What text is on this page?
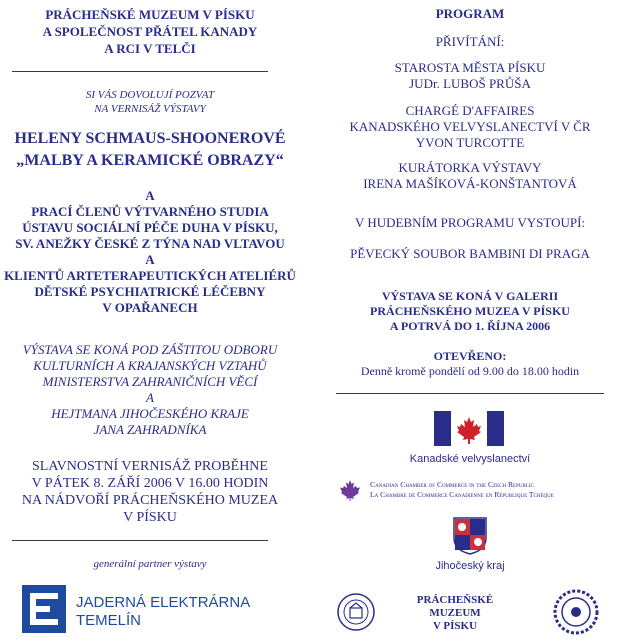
PRÁCHEŇSKÉ MUZEUM V PÍSKU
A SPOLEČNOST PŘÁTEL KANADY
A RCI V TELČI
SI VÁS DOVOLUJÍ POZVAT
NA VERNISÁŽ VÝSTAVY
HELENY SCHMAUS-SHOONEROVÉ
„MALBY A KERAMICKÉ OBRAZY“
A
PRACÍ ČLENŮ VÝTVARNÉHO STUDIA
ÚSTAVU SOCIÁLNÍ PÉČE DUHA V PÍSKU,
SV. ANEŽKY ČESKÉ Z TÝNA NAD VLTAVOU
A
KLIENTŮ ARTETERAPEUTICKÝCH ATELIÉRŮ
DĚTSKÉ PSYCHIATRICKÉ LÉČEBNY
V OPAŘANECH
VÝSTAVA SE KONÁ POD ZÁŠTITOU ODBORU
KULTURNÍCH A KRAJANSKÝCH VZTAHŮ
MINISTERSTVA ZAHRANIČNÍCH VĚCÍ
A
HEJTMANA JIHOČESKÉHO KRAJE
JANA ZAHRADNÍKA
SLAVNOSTNÍ VERNISÁŽ PROBĚHNE
V PÁTEK 8. ZÁŘÍ 2006 V 16.00 HODIN
NA NÁDVOŘÍ PRÁCHEŇSKÉHO MUZEA
V PÍSKU
generální partner výstavy
JADERNÁ ELEKTRÁRNA
TEMELÍN
PROGRAM
PŘIVÍTÁNÍ:
STAROSTA MĚSTA PÍSKU
JUDr. LUBOŠ PRŮŠA
CHARGÉ D'AFFAIRES
KANADSKÉHO VELVYSLANECTVÍ V ČR
YVON TURCOTTE
KURÁTORKA VÝSTAVY
IRENA MAŠÍKOVÁ-KONŠTANTOVÁ
V HUDEBNÍM PROGRAMU VYSTOUPÍ:
PĚVECKÝ SOUBOR BAMBINI DI PRAGA
VÝSTAVA SE KONÁ V GALERII
PRÁCHEŇSKÉHO MUZEA V PÍSKU
A POTRVÁ DO 1. ŘÍJNA 2006
OTEVŘENO:
Denně kromě pondělí od 9.00 do 18.00 hodin
Kanadské velvyslanectví
Canadian Chamber of Commerce in the Czech Republic
La Chambre de Commerce Canadienne en République Tchèque
Jihočeský kraj
PRÁCHEŇSKÉ
MUZEUM
V PÍSKU
